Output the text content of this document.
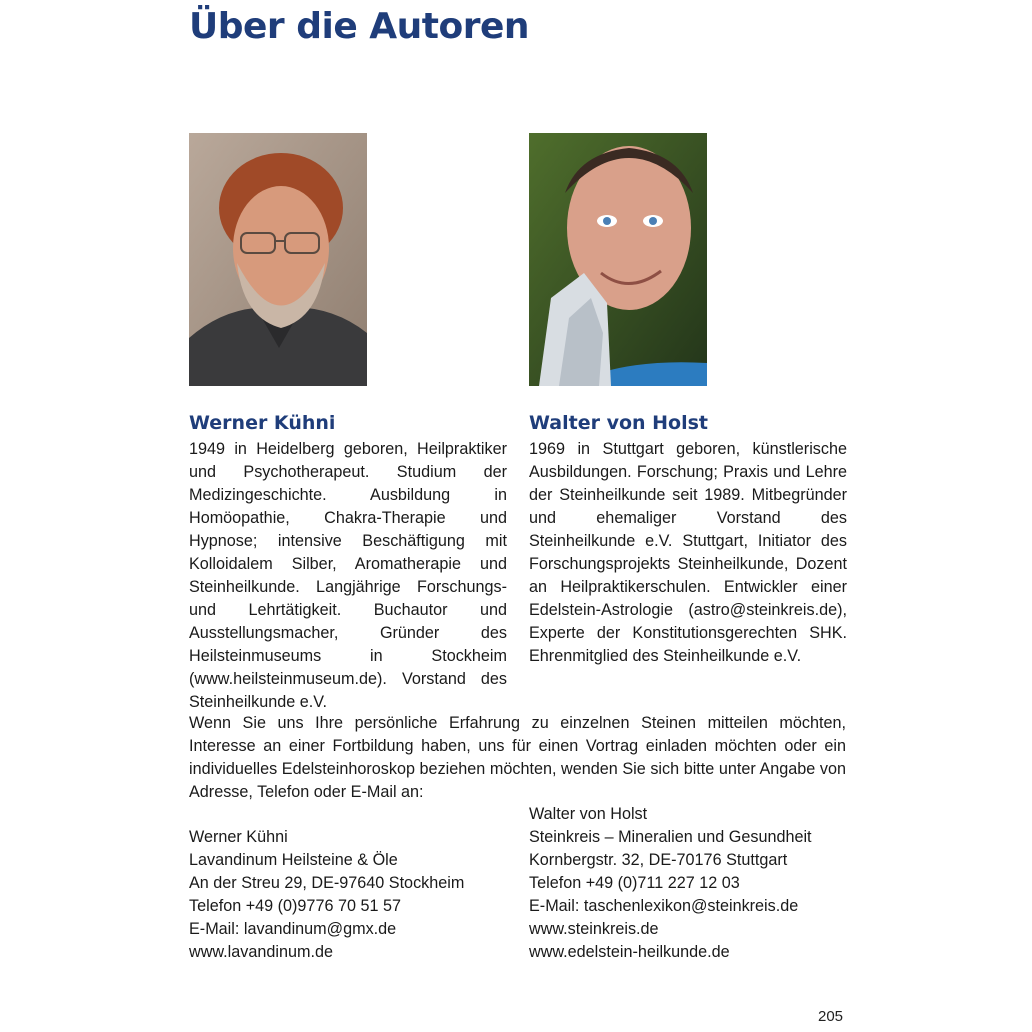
Über die Autoren
Werner Kühni

1949 in Heidelberg geboren, Heilpraktiker und Psychotherapeut. Studium der Medizingeschichte. Ausbildung in Homöopathie, Chakra-Therapie und Hypnose; intensive Beschäftigung mit Kolloidalem Silber, Aromatherapie und Steinheilkunde. Langjährige Forschungs- und Lehrtätigkeit. Buchautor und Ausstellungsmacher, Gründer des Heilsteinmuseums in Stockheim (www.heilsteinmuseum.de). Vorstand des Steinheilkunde e.V.

Walter von Holst

1969 in Stuttgart geboren, künstlerische Ausbildungen. Forschung; Praxis und Lehre der Steinheilkunde seit 1989. Mitbegründer und ehemaliger Vorstand des Steinheilkunde e.V. Stuttgart, Initiator des Forschungsprojekts Steinheilkunde, Dozent an Heilpraktikerschulen. Entwickler einer Edelstein-Astrologie (astro@steinkreis.de), Experte der Konstitutionsgerechten SHK. Ehrenmitglied des Steinheilkunde e.V.

Wenn Sie uns Ihre persönliche Erfahrung zu einzelnen Steinen mitteilen möchten, Interesse an einer Fortbildung haben, uns für einen Vortrag einladen möchten oder ein individuelles Edelsteinhoroskop beziehen möchten, wenden Sie sich bitte unter Angabe von Adresse, Telefon oder E-Mail an:

Werner Kühni
Lavandinum Heilsteine & Öle
An der Streu 29, DE-97640 Stockheim
Telefon +49 (0)9776 70 51 57
E-Mail: lavandinum@gmx.de
www.lavandinum.de
Walter von Holst
Steinkreis – Mineralien und Gesundheit
Kornbergstr. 32, DE-70176 Stuttgart
Telefon +49 (0)711 227 12 03
E-Mail: taschenlexikon@steinkreis.de
www.steinkreis.de
www.edelstein-heilkunde.de
205
